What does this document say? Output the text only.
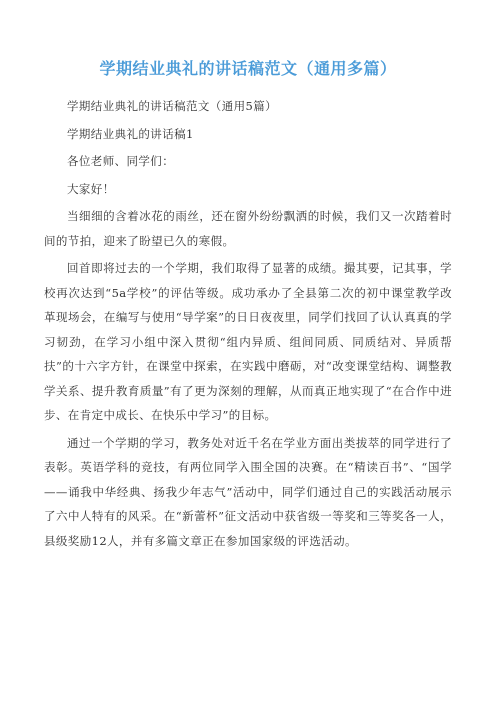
学期结业典礼的讲话稿范文（通用多篇）

学期结业典礼的讲话稿范文（通用5篇）

学期结业典礼的讲话稿1

各位老师、同学们：

大家好！

当细细的含着冰花的雨丝，还在窗外纷纷飘洒的时候，我们又一次踏着时间的节拍，迎来了盼望已久的寒假。

回首即将过去的一个学期，我们取得了显著的成绩。撮其要，记其事，学校再次达到“5a学校”的评估等级。成功承办了全县第二次的初中课堂教学改革现场会，在编写与使用“导学案”的日日夜夜里，同学们找回了认认真真的学习韧劲，在学习小组中深入贯彻“组内异质、组间同质、同质结对、异质帮扶”的十六字方针，在课堂中探索，在实践中磨砺，对“改变课堂结构、调整教学关系、提升教育质量”有了更为深刻的理解，从而真正地实现了“在合作中进步、在肯定中成长、在快乐中学习”的目标。

通过一个学期的学习，教务处对近千名在学业方面出类拔萃的同学进行了表彰。英语学科的竞技，有两位同学入围全国的决赛。在“精读百书”、“国学——诵我中华经典、扬我少年志气”活动中，同学们通过自己的实践活动展示了六中人特有的风采。在“新蕾杯”征文活动中获省级一等奖和三等奖各一人，县级奖励12人，并有多篇文章正在参加国家级的评选活动。
